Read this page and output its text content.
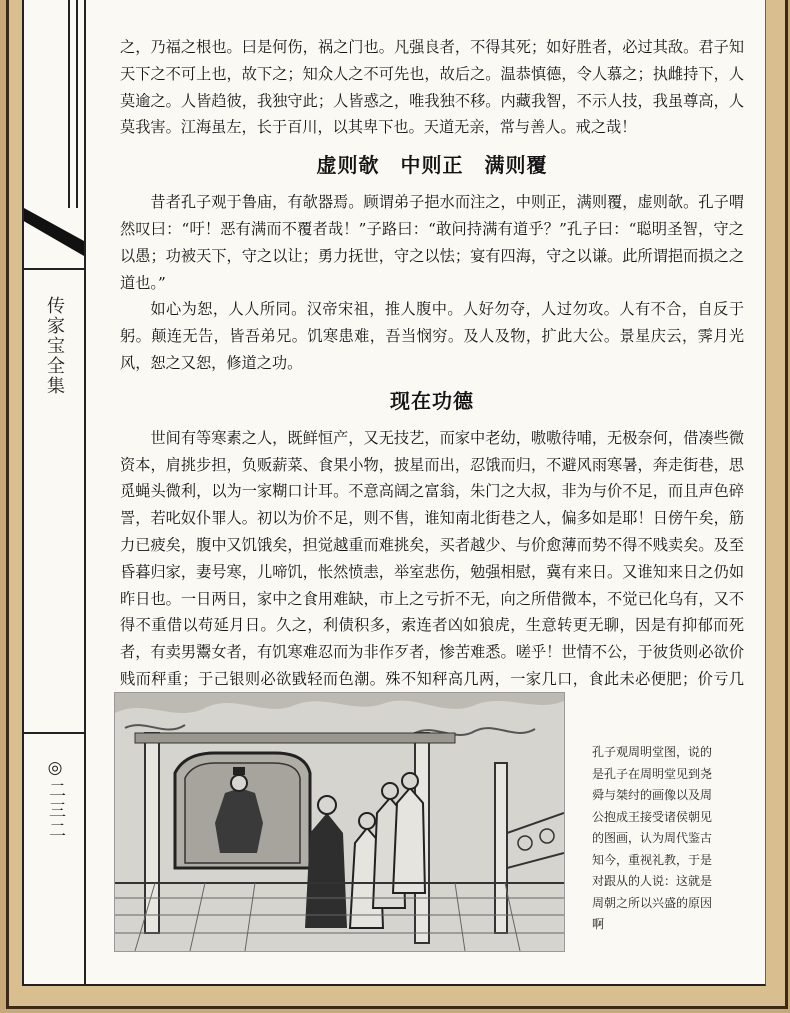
传家宝全集
◎二三二

之，乃福之根也。曰是何伤，祸之门也。凡强良者，不得其死；如好胜者，必过其敌。君子知天下之不可上也，故下之；知众人之不可先也，故后之。温恭慎德，令人慕之；执雌持下，人莫逾之。人皆趋彼，我独守此；人皆惑之，唯我独不移。内藏我智，不示人技，我虽尊高，人莫我害。江海虽左，长于百川，以其卑下也。天道无亲，常与善人。戒之哉！

虚则欹　中则正　满则覆

昔者孔子观于鲁庙，有欹器焉。顾谓弟子挹水而注之，中则正，满则覆，虚则欹。孔子喟然叹曰：“吁！恶有满而不覆者哉！”子路曰：“敢问持满有道乎？”孔子曰：“聪明圣智，守之以愚；功被天下，守之以让；勇力抚世，守之以怯；宴有四海，守之以谦。此所谓挹而损之之道也。”

如心为恕，人人所同。汉帝宋祖，推人腹中。人好勿夺，人过勿攻。人有不合，自反于躬。颠连无告，皆吾弟兄。饥寒患难，吾当悯穷。及人及物，扩此大公。景星庆云，霁月光风，恕之又恕，修道之功。

现在功德

世间有等寒素之人，既鲜恒产，又无技艺，而家中老幼，嗷嗷待哺，无极奈何，借凑些微资本，肩挑步担，负贩薪菜、食果小物，披星而出，忍饿而归，不避风雨寒暑，奔走街巷，思觅蝇头微利，以为一家糊口计耳。不意高阔之富翁，朱门之大叔，非为与价不足，而且声色碎詈，若叱奴仆罪人。初以为价不足，则不售，谁知南北街巷之人，偏多如是耶！日傍午矣，筋力已疲矣，腹中又饥饿矣，担觉越重而难挑矣，买者越少、与价愈薄而势不得不贱卖矣。及至昏暮归家，妻号寒，儿啼饥，怅然愤恚，举室悲伤，勉强相慰，冀有来日。又谁知来日之仍如昨日也。一日两日，家中之食用难缺，市上之亏折不无，向之所借微本，不觉已化乌有，又不得不重借以苟延月日。久之，利债积多，索连者凶如狼虎，生意转更无聊，因是有抑郁而死者，有卖男鬻女者，有饥寒难忍而为非作歹者，惨苦难悉。嗟乎！世情不公，于彼货则必欲价贱而秤重；于己银则必欲戥轻而色潮。殊不知秤高几两，一家几口，食此未必便肥；价亏几

孔子观周明堂图，说的是孔子在周明堂见到尧舜与桀纣的画像以及周公抱成王接受诸侯朝见的图画，认为周代鉴古知今，重视礼教，于是对跟从的人说：这就是周朝之所以兴盛的原因啊
